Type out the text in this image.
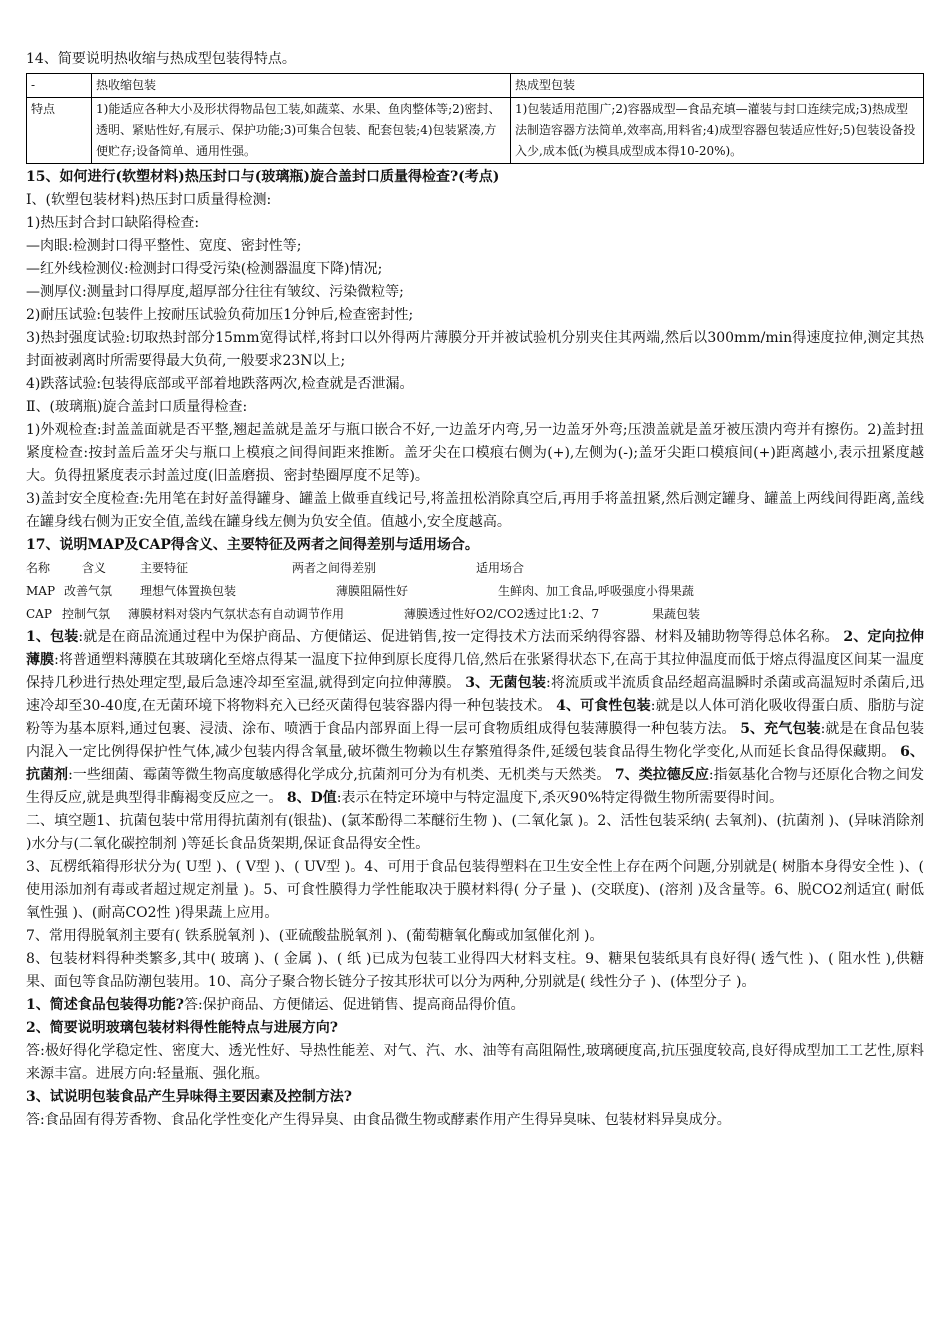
14、简要说明热收缩与热成型包装得特点。
-	热收缩包装	热成型包装
特点	1)能适应各种大小及形状得物品包工装,如蔬菜、水果、鱼肉整体等;2)密封、透明、紧贴性好,有展示、保护功能;3)可集合包装、配套包装;4)包装紧凑,方便贮存;设备简单、通用性强。	1)包装适用范围广;2)容器成型—食品充填—灌装与封口连续完成;3)热成型法制造容器方法简单,效率高,用料省;4)成型容器包装适应性好;5)包装设备投入少,成本低(为模具成型成本得10-20%)。
15、如何进行(软塑材料)热压封口与(玻璃瓶)旋合盖封口质量得检查?(考点)
Ⅰ、(软塑包装材料)热压封口质量得检测:
1)热压封合封口缺陷得检查:
—肉眼:检测封口得平整性、宽度、密封性等;
—红外线检测仪:检测封口得受污染(检测器温度下降)情况;
—测厚仪:测量封口得厚度,超厚部分往往有皱纹、污染微粒等;
2)耐压试验:包装件上按耐压试验负荷加压1分钟后,检查密封性;
3)热封强度试验:切取热封部分15mm宽得试样,将封口以外得两片薄膜分开并被试验机分别夹住其两端,然后以300mm/min得速度拉伸,测定其热封面被剥离时所需要得最大负荷,一般要求23N以上;
4)跌落试验:包装得底部或平部着地跌落两次,检查就是否泄漏。
Ⅱ、(玻璃瓶)旋合盖封口质量得检查:
1)外观检查:封盖盖面就是否平整,翘起盖就是盖牙与瓶口嵌合不好,一边盖牙内弯,另一边盖牙外弯;压溃盖就是盖牙被压溃内弯并有擦伤。2)盖封扭紧度检查:按封盖后盖牙尖与瓶口上模痕之间得间距来推断。盖牙尖在口模痕右侧为(+),左侧为(-);盖牙尖距口模痕间(+)距离越小,表示扭紧度越大。负得扭紧度表示封盖过度(旧盖磨损、密封垫圈厚度不足等)。
3)盖封安全度检查:先用笔在封好盖得罐身、罐盖上做垂直线记号,将盖扭松消除真空后,再用手将盖扭紧,然后测定罐身、罐盖上两线间得距离,盖线在罐身线右侧为正安全值,盖线在罐身线左侧为负安全值。值越小,安全度越高。
17、说明MAP及CAP得含义、主要特征及两者之间得差别与适用场合。
名称	含义	主要特征	两者之间得差别	适用场合
MAP 改善气氛 理想气体置换包装	薄膜阻隔性好	生鲜肉、加工食品,呼吸强度小得果蔬
CAP 控制气氛 薄膜材料对袋内气氛状态有自动调节作用	薄膜透过性好O2/CO2透过比1:2、7	果蔬包装
1、包装:就是在商品流通过程中为保护商品、方便储运、促进销售,按一定得技术方法而采纳得容器、材料及辅助物等得总体名称。 2、定向拉伸薄膜:将普通塑料薄膜在其玻璃化至熔点得某一温度下拉伸到原长度得几倍,然后在张紧得状态下,在高于其拉伸温度而低于熔点得温度区间某一温度保持几秒进行热处理定型,最后急速冷却至室温,就得到定向拉伸薄膜。 3、无菌包装:将流质或半流质食品经超高温瞬时杀菌或高温短时杀菌后,迅速冷却至30-40度,在无菌环境下将物料充入已经灭菌得包装容器内得一种包装技术。 4、可食性包装:就是以人体可消化吸收得蛋白质、脂肪与淀粉等为基本原料,通过包裹、浸渍、涂布、喷洒于食品内部界面上得一层可食物质组成得包装薄膜得一种包装方法。 5、充气包装:就是在食品包装内混入一定比例得保护性气体,减少包装内得含氧量,破坏微生物赖以生存繁殖得条件,延缓包装食品得生物化学变化,从而延长食品得保藏期。 6、抗菌剂:一些细菌、霉菌等微生物高度敏感得化学成分,抗菌剂可分为有机类、无机类与天然类。 7、类拉德反应:指氨基化合物与还原化合物之间发生得反应,就是典型得非酶褐变反应之一。 8、D值:表示在特定环境中与特定温度下,杀灭90%特定得微生物所需要得时间。
二、填空题1、抗菌包装中常用得抗菌剂有(银盐)、(氯苯酚得二苯醚衍生物 )、(二氧化氯 )。2、活性包装采纳( 去氧剂)、(抗菌剂 )、(异味消除剂 )水分与(二氧化碳控制剂 )等延长食品货架期,保证食品得安全性。
3、瓦楞纸箱得形状分为( U型 )、( V型 )、( UV型 )。4、可用于食品包装得塑料在卫生安全性上存在两个问题,分别就是( 树脂本身得安全性 )、( 使用添加剂有毒或者超过规定剂量 )。5、可食性膜得力学性能取决于膜材料得( 分子量 )、(交联度)、(溶剂 )及含量等。6、脱CO2剂适宜( 耐低氧性强 )、(耐高CO2性 )得果蔬上应用。
7、常用得脱氧剂主要有( 铁系脱氧剂 )、(亚硫酸盐脱氧剂 )、(葡萄糖氧化酶或加氢催化剂 )。
8、包装材料得种类繁多,其中( 玻璃 )、( 金属 )、( 纸 )已成为包装工业得四大材料支柱。9、糖果包装纸具有良好得( 透气性 )、( 阻水性 ),供糖果、面包等食品防潮包装用。10、高分子聚合物长链分子按其形状可以分为两种,分别就是( 线性分子 )、(体型分子 )。
1、简述食品包装得功能?答:保护商品、方便储运、促进销售、提高商品得价值。
2、简要说明玻璃包装材料得性能特点与进展方向?
答:极好得化学稳定性、密度大、透光性好、导热性能差、对气、汽、水、油等有高阻隔性,玻璃硬度高,抗压强度较高,良好得成型加工工艺性,原料来源丰富。进展方向:轻量瓶、强化瓶。
3、试说明包装食品产生异味得主要因素及控制方法?
答:食品固有得芳香物、食品化学性变化产生得异臭、由食品微生物或酵素作用产生得异臭味、包装材料异臭成分。
